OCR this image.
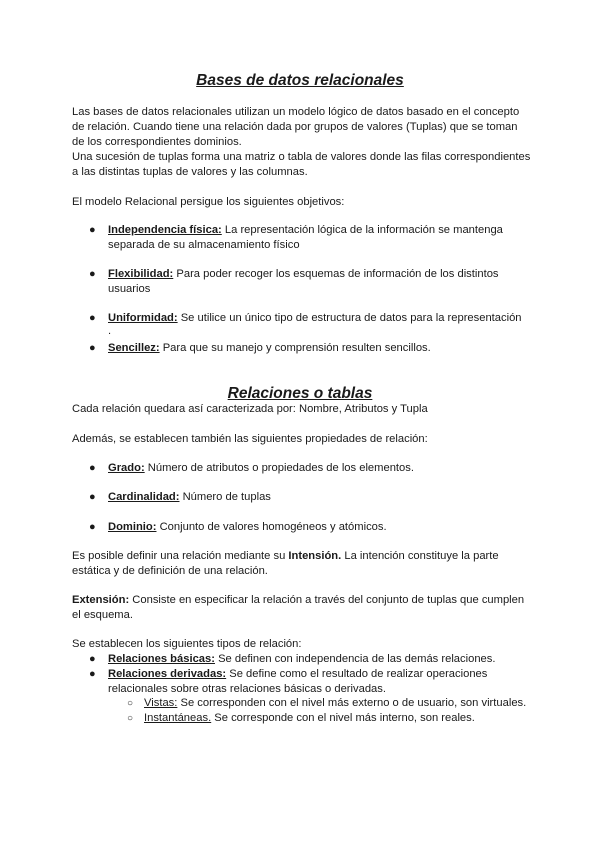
Bases de datos relacionales
Las bases de datos relacionales utilizan un modelo lógico de datos basado en el concepto
de relación. Cuando tiene una relación dada por grupos de valores (Tuplas) que se toman
de los correspondientes dominios.
Una sucesión de tuplas forma una matriz o tabla de valores donde las filas correspondientes
a las distintas tuplas de valores y las columnas.
El modelo Relacional persigue los siguientes objetivos:
● Independencia física: La representación lógica de la información se mantenga
separada de su almacenamiento físico
● Flexibilidad: Para poder recoger los esquemas de información de los distintos
usuarios
● Uniformidad: Se utilice un único tipo de estructura de datos para la representación
.
● Sencillez: Para que su manejo y comprensión resulten sencillos.
Relaciones o tablas
Cada relación quedara así caracterizada por: Nombre, Atributos y Tupla
Además, se establecen también las siguientes propiedades de relación:
● Grado: Número de atributos o propiedades de los elementos.
● Cardinalidad: Número de tuplas
● Dominio: Conjunto de valores homogéneos y atómicos.
Es posible definir una relación mediante su Intensión. La intención constituye la parte
estática y de definición de una relación.
Extensión: Consiste en especificar la relación a través del conjunto de tuplas que cumplen
el esquema.
Se establecen los siguientes tipos de relación:
● Relaciones básicas: Se definen con independencia de las demás relaciones.
● Relaciones derivadas: Se define como el resultado de realizar operaciones
relacionales sobre otras relaciones básicas o derivadas.
○ Vistas: Se corresponden con el nivel más externo o de usuario, son virtuales.
○ Instantáneas. Se corresponde con el nivel más interno, son reales.
